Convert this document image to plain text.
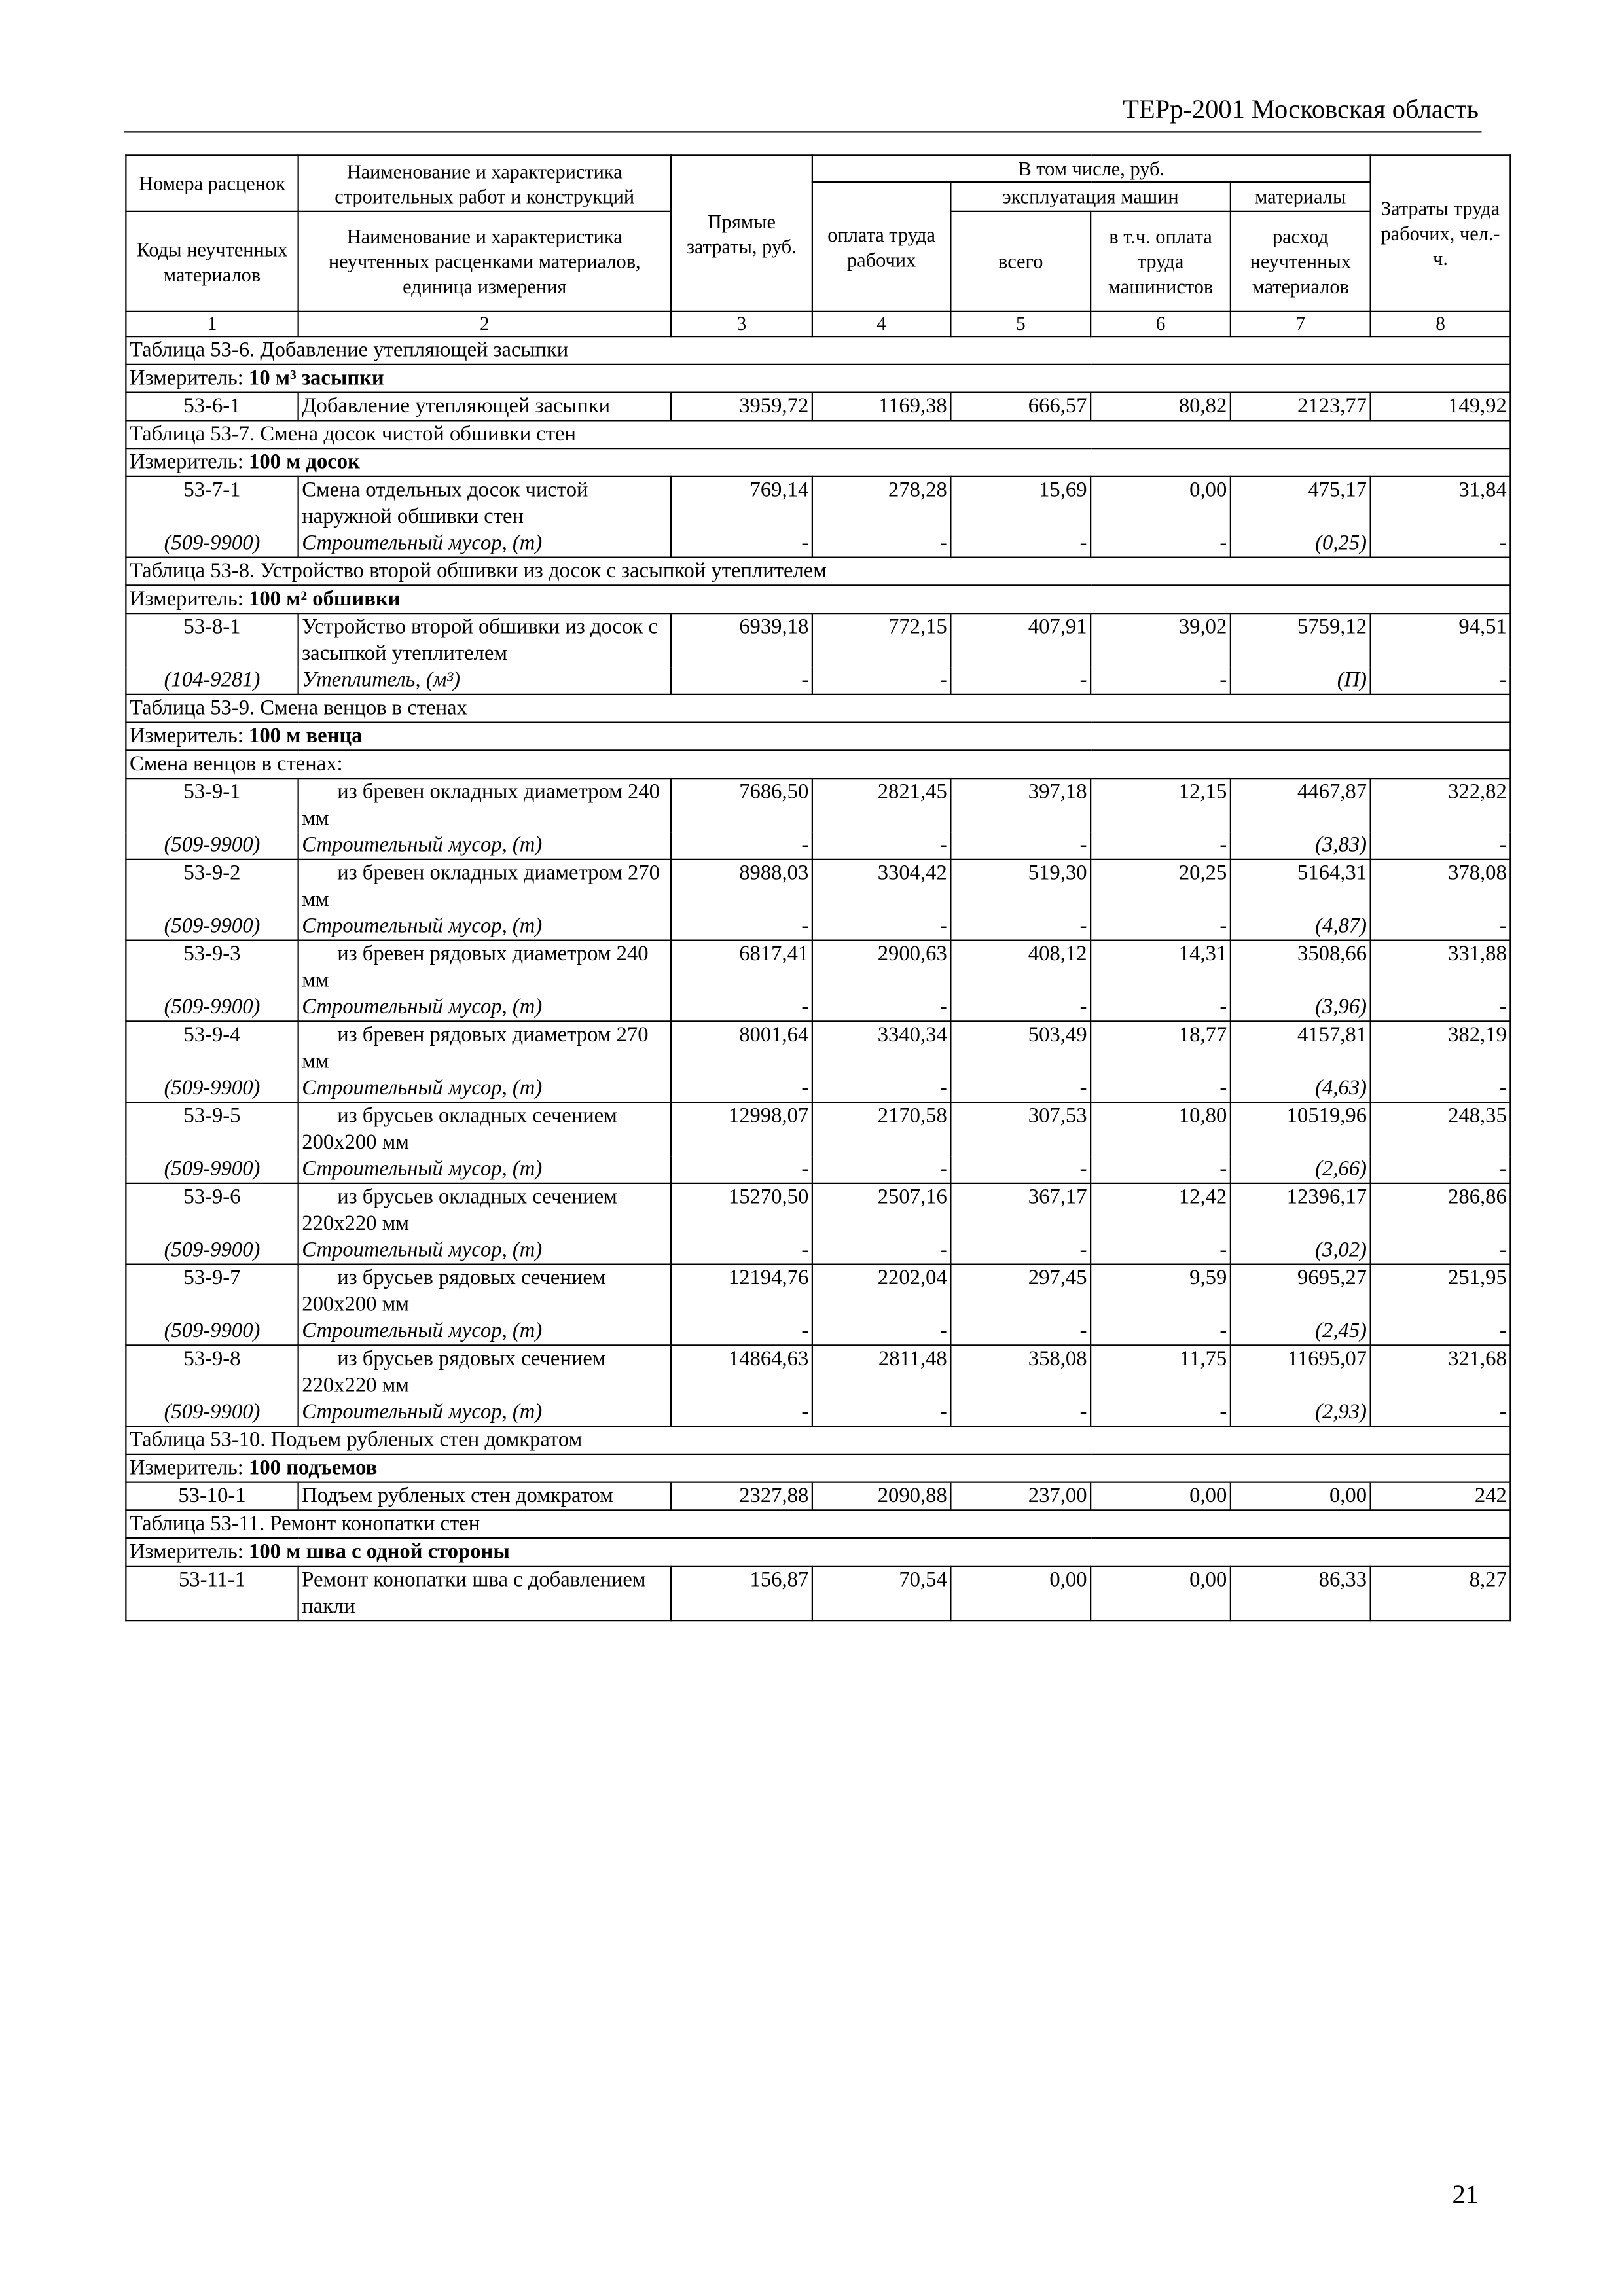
ТЕРр-2001 Московская область
Номера расценок	Наименование и характеристика строительных работ и конструкций	Прямые затраты, руб.	В том числе, руб.				Затраты труда рабочих, чел.-ч.
			оплата труда рабочих	эксплуатация машин		материалы	
Коды неучтенных материалов	Наименование и характеристика неучтенных расценками материалов, единица измерения			всего	в т.ч. оплата труда машинистов	расход неучтенных материалов	

1	2	3	4	5	6	7	8
Таблица 53-6. Добавление утепляющей засыпки							
Измеритель: 10 м³ засыпки							
53-6-1	Добавление утепляющей засыпки	3959,72	1169,38	666,57	80,82	2123,77	149,92
Таблица 53-7. Смена досок чистой обшивки стен							
Измеритель: 100 м досок							
53-7-1	Смена отдельных досок чистой наружной обшивки стен	769,14	278,28	15,69	0,00	475,17	31,84
(509-9900)	Строительный мусор, (т)	-	-	-	-	(0,25)	-
Таблица 53-8. Устройство второй обшивки из досок с засыпкой утеплителем							
Измеритель: 100 м² обшивки							
53-8-1	Устройство второй обшивки из досок с засыпкой утеплителем	6939,18	772,15	407,91	39,02	5759,12	94,51
(104-9281)	Утеплитель, (м³)	-	-	-	-	(П)	-
Таблица 53-9. Смена венцов в стенах							
Измеритель: 100 м венца							
Смена венцов в стенах:							
53-9-1	из бревен окладных диаметром 240 мм	7686,50	2821,45	397,18	12,15	4467,87	322,82
(509-9900)	Строительный мусор, (т)	-	-	-	-	(3,83)	-
53-9-2	из бревен окладных диаметром 270 мм	8988,03	3304,42	519,30	20,25	5164,31	378,08
(509-9900)	Строительный мусор, (т)	-	-	-	-	(4,87)	-
53-9-3	из бревен рядовых диаметром 240 мм	6817,41	2900,63	408,12	14,31	3508,66	331,88
(509-9900)	Строительный мусор, (т)	-	-	-	-	(3,96)	-
53-9-4	из бревен рядовых диаметром 270 мм	8001,64	3340,34	503,49	18,77	4157,81	382,19
(509-9900)	Строительный мусор, (т)	-	-	-	-	(4,63)	-
53-9-5	из брусьев окладных сечением 200х200 мм	12998,07	2170,58	307,53	10,80	10519,96	248,35
(509-9900)	Строительный мусор, (т)	-	-	-	-	(2,66)	-
53-9-6	из брусьев окладных сечением 220х220 мм	15270,50	2507,16	367,17	12,42	12396,17	286,86
(509-9900)	Строительный мусор, (т)	-	-	-	-	(3,02)	-
53-9-7	из брусьев рядовых сечением 200х200 мм	12194,76	2202,04	297,45	9,59	9695,27	251,95
(509-9900)	Строительный мусор, (т)	-	-	-	-	(2,45)	-
53-9-8	из брусьев рядовых сечением 220х220 мм	14864,63	2811,48	358,08	11,75	11695,07	321,68
(509-9900)	Строительный мусор, (т)	-	-	-	-	(2,93)	-
Таблица 53-10. Подъем рубленых стен домкратом							
Измеритель: 100 подъемов							
53-10-1	Подъем рубленых стен домкратом	2327,88	2090,88	237,00	0,00	0,00	242
Таблица 53-11. Ремонт конопатки стен							
Измеритель: 100 м шва с одной стороны							
53-11-1	Ремонт конопатки шва с добавлением пакли	156,87	70,54	0,00	0,00	86,33	8,27
21
